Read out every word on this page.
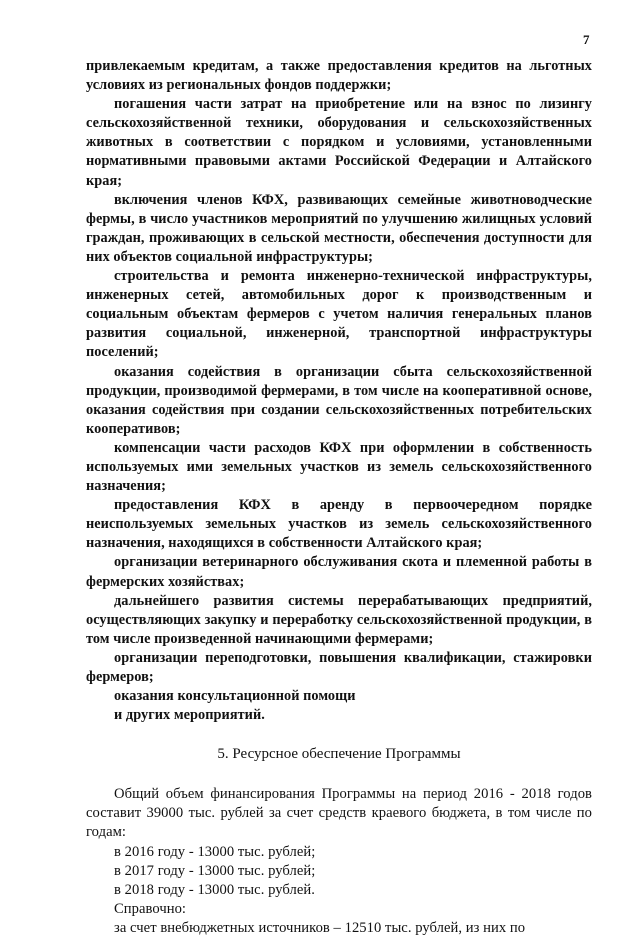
7

привлекаемым кредитам, а также предоставления кредитов на льготных условиях из региональных фондов поддержки;

погашения части затрат на приобретение или на взнос по лизингу сельскохозяйственной техники, оборудования и сельскохозяйственных животных в соответствии с порядком и условиями, установленными нормативными правовыми актами Российской Федерации и Алтайского края;

включения членов КФХ, развивающих семейные животноводческие фермы, в число участников мероприятий по улучшению жилищных условий граждан, проживающих в сельской местности, обеспечения доступности для них объектов социальной инфраструктуры;

строительства и ремонта инженерно-технической инфраструктуры, инженерных сетей, автомобильных дорог к производственным и социальным объектам фермеров с учетом наличия генеральных планов развития социальной, инженерной, транспортной инфраструктуры поселений;

оказания содействия в организации сбыта сельскохозяйственной продукции, производимой фермерами, в том числе на кооперативной основе, оказания содействия при создании сельскохозяйственных потребительских кооперативов;

компенсации части расходов КФХ при оформлении в собственность используемых ими земельных участков из земель сельскохозяйственного назначения;

предоставления КФХ в аренду в первоочередном порядке неиспользуемых земельных участков из земель сельскохозяйственного назначения, находящихся в собственности Алтайского края;

организации ветеринарного обслуживания скота и племенной работы в фермерских хозяйствах;

дальнейшего развития системы перерабатывающих предприятий, осуществляющих закупку и переработку сельскохозяйственной продукции, в том числе произведенной начинающими фермерами;

организации переподготовки, повышения квалификации, стажировки фермеров;

оказания консультационной помощи

и других мероприятий.

5. Ресурсное обеспечение Программы

Общий объем финансирования Программы на период 2016 - 2018 годов составит 39000 тыс. рублей за счет средств краевого бюджета, в том числе по годам:

в 2016 году - 13000 тыс. рублей;

в 2017 году - 13000 тыс. рублей;

в 2018 году - 13000 тыс. рублей.

Справочно:

за счет внебюджетных источников – 12510 тыс. рублей, из них по
